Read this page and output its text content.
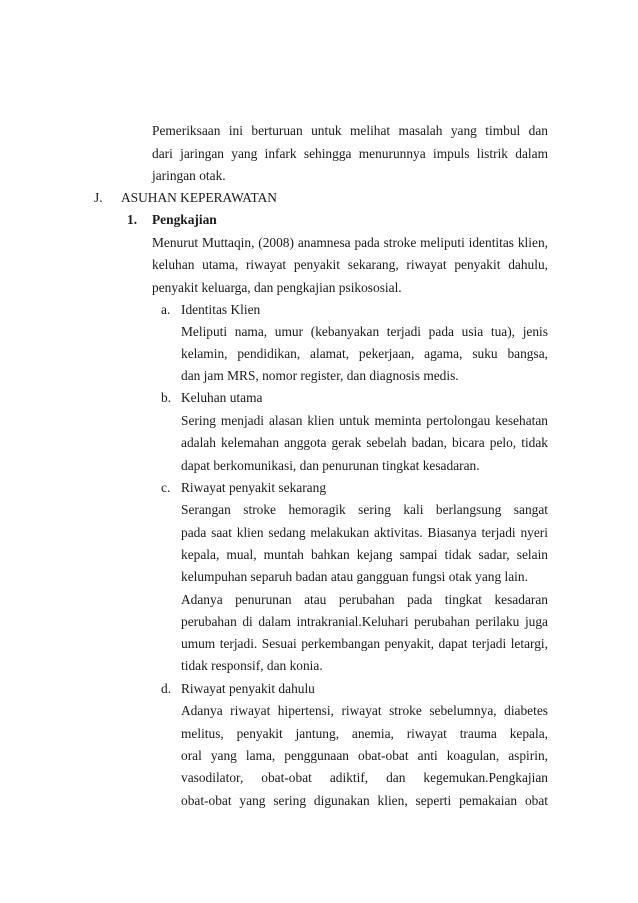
Pemeriksaan ini berturuan untuk melihat masalah yang timbul dan
dari jaringan yang infark sehingga menurunnya impuls listrik dalam
jaringan otak.
J. ASUHAN KEPERAWATAN
1. Pengkajian
Menurut Muttaqin, (2008) anamnesa pada stroke meliputi identitas klien,
keluhan utama, riwayat penyakit sekarang, riwayat penyakit dahulu,
penyakit keluarga, dan pengkajian psikososial.
a. Identitas Klien
Meliputi nama, umur (kebanyakan terjadi pada usia tua), jenis
kelamin, pendidikan, alamat, pekerjaan, agama, suku bangsa,
dan jam MRS, nomor register, dan diagnosis medis.
b. Keluhan utama
Sering menjadi alasan klien untuk meminta pertolongau kesehatan
adalah kelemahan anggota gerak sebelah badan, bicara pelo, tidak
dapat berkomunikasi, dan penurunan tingkat kesadaran.
c. Riwayat penyakit sekarang
Serangan stroke hemoragik sering kali berlangsung sangat
pada saat klien sedang melakukan aktivitas. Biasanya terjadi nyeri
kepala, mual, muntah bahkan kejang sampai tidak sadar, selain
kelumpuhan separuh badan atau gangguan fungsi otak yang lain.
Adanya penurunan atau perubahan pada tingkat kesadaran
perubahan di dalam intrakranial.Keluhari perubahan perilaku juga
umum terjadi. Sesuai perkembangan penyakit, dapat terjadi letargi,
tidak responsif, dan konia.
d. Riwayat penyakit dahulu
Adanya riwayat hipertensi, riwayat stroke sebelumnya, diabetes
melitus, penyakit jantung, anemia, riwayat trauma kepala,
oral yang lama, penggunaan obat-obat anti koagulan, aspirin,
vasodilator, obat-obat adiktif, dan kegemukan.Pengkajian
obat-obat yang sering digunakan klien, seperti pemakaian obat
